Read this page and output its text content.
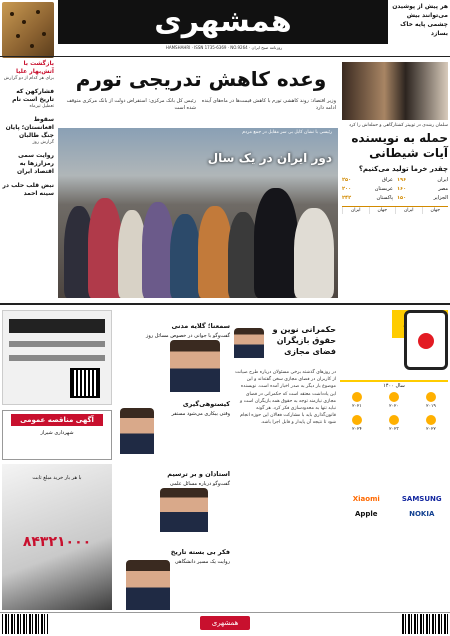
همشهری
HAMSHAHRI · ISSN 1735-6369 · NO.9264 · روزنامه صبح ایران
هر پیش از پوشیدن می‌توانند بیش چشمی پایه خاک بسازد
بازگشت با آتش‌بهار علیا
برای هر کدام از دو گزارش
فشارکهن که تاریخ است نام
تعطیل تیرماه
سقوط افغانستان؛ پایان جنگ طالبان
گزارش روز
روایت سمی رمزارزها به اقتصاد ایران
نبض قلب حلب در سینه احمد
وعده کاهش تدریجی تورم
وزیر اقتصاد: روند کاهشی تورم با کاهش قیمت‌ها در ماه‌های آینده ادامه دارد
رئیس کل بانک مرکزی: استقراض دولت از بانک مرکزی متوقف شده است
رئیسی با نشان کابل بی سر مقابل در جمع مردم
دور ایران در یک سال
سلمان رشدی در توییتر کشتارگاهی و حمله‌اش را کرد
حمله به نویسنده آیات شیطانی
چقدر خرما تولید می‌کنیم؟
ایران
۱۹۶
عراق
۲۵۰
مصر
۱۶۰
عربستان
۲۰۰
الجزایر
۱۵۰
پاکستان
۲۴۲
جهان
ایران
جهان
ایران
آگهی مناقصه عمومی
شهرداری شیراز
با هر بار خرید مبلغ ثابت
۸۴۳۲۱۰۰۰
سمعنا؛ گلایه مدنی
گفت‌وگو با جوانی در خصوص مسائل روز
کیستوهی‌گیری
وقتی بیکاری می‌شود مستقر
استادان و بر ترسیم
گفت‌وگو درباره مسائل علمی
فکر بی بسته تاریخ
روایت یک مسیر دانشگاهی
حکمرانی نوین و حقوق بازیگران فضای مجازی
در روزهای گذشته برخی مسئولان درباره طرح صیانت از کاربران در فضای مجازی سخن گفته‌اند و این موضوع بار دیگر به صدر اخبار آمده است. نویسنده این یادداشت معتقد است که حکمرانی در فضای مجازی نیازمند توجه به حقوق همه بازیگران است و نباید تنها به محدودسازی فکر کرد. هر گونه قانون‌گذاری باید با مشارکت فعالان این حوزه انجام شود تا نتیجه آن پایدار و قابل اجرا باشد.
سال ۱۴۰۰
۲۰۱۹
۲۰۲۰
۲۰۲۱
۲۰۲۲
۲۰۲۳
۲۰۲۴
Xiaomi	SAMSUNG
Apple	NOKIA
همشهری
